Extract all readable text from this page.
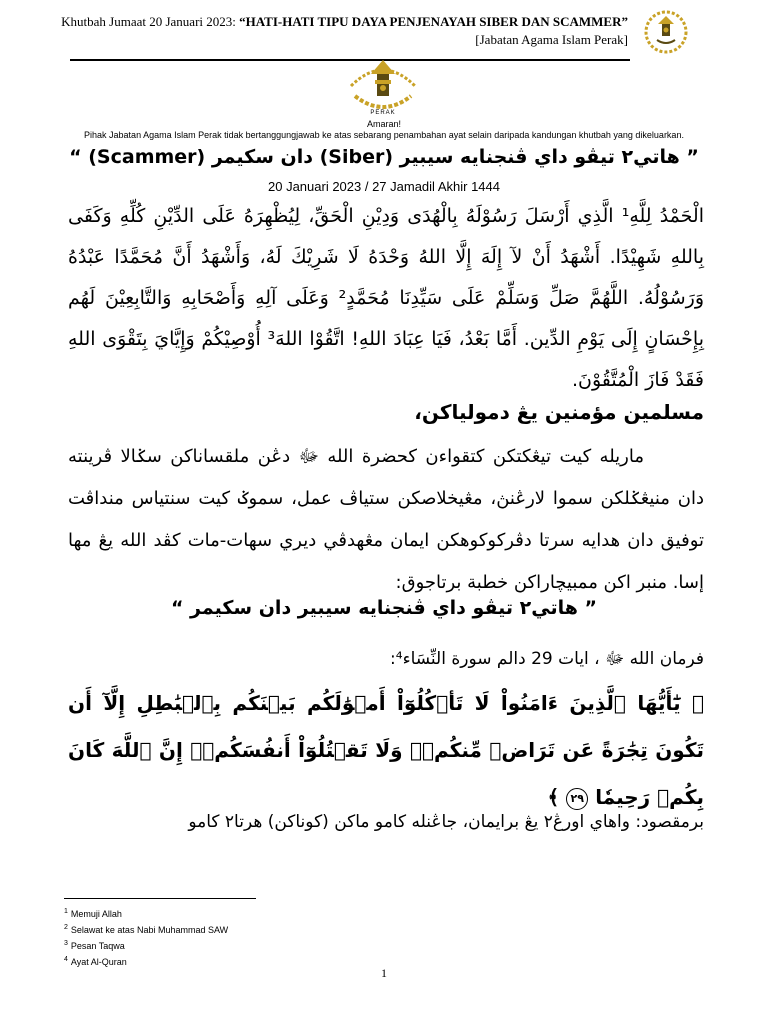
Khutbah Jumaat 20 Januari 2023: “HATI-HATI TIPU DAYA PENJENAYAH SIBER DAN SCAMMER”
[Jabatan Agama Islam Perak]
PERAK
Amaran!
Pihak Jabatan Agama Islam Perak tidak bertanggungjawab ke atas sebarang penambahan ayat selain daripada kandungan khutbah yang dikeluarkan.
” هاتي٢ تيڤو داي ڤنجنايه سيبير (Siber) دان سکيمر (Scammer) “
20 Januari 2023 / 27 Jamadil Akhir 1444
الْحَمْدُ لِلَّهِ¹ الَّذِي أَرْسَلَ رَسُوْلَهُ بِالْهُدَى وَدِيْنِ الْحَقِّ، لِيُظْهِرَهُ عَلَى الدِّيْنِ كُلِّهِ وَكَفَى بِاللهِ شَهِيْدًا. أَشْهَدُ أَنْ لآ إِلَهَ إِلَّا اللهُ وَحْدَهُ لَا شَرِيْكَ لَهُ، وَأَشْهَدُ أَنَّ مُحَمَّدًا عَبْدُهُ وَرَسُوْلُهُ. اللَّهُمَّ صَلِّ وَسَلِّمْ عَلَى سَيِّدِنَا مُحَمَّدٍ² وَعَلَى آلِهِ وَأَصْحَابِهِ وَالتَّابِعِيْنَ لَهُم بِإِحْسَانٍ إِلَى يَوْمِ الدِّين. أَمَّا بَعْدُ، فَيَا عِبَادَ اللهِ! اتَّقُوْا اللهَ³ أُوْصِيْكُمْ وَإِيَّايَ بِتَقْوَى اللهِ فَقَدْ فَازَ الْمُتَّقُوْنَ.
مسلمين مؤمنين يڠ دمولياکن،
ماريله کيت تيڠکتکن کتقواءن کحضرة الله ﷻ دڠن ملقساناکن سݢالا ڤرينته دان منيڠݢلکن سموا لارڠنڽ، مڠيخلاصکن ستياڤ عمل، سموݢ کيت سنتياس منداڤت توفيق دان هدايه سرتا دڤرکوکوهکن ايمان مڠهدڤي ديري سهات-مات کڤد الله يڠ مها إسا. منبر اکن ممبيچاراکن خطبة برتاجوق:
” هاتي٢ تيڤو داي ڤنجنايه سيبير دان سکيمر “
فرمان الله ﷻ ، ايات 29 دالم سورة النِّسَاء⁴:
﴿ يَٰٓأَيُّهَا ٱلَّذِينَ ءَامَنُواْ لَا تَأۡكُلُوٓاْ أَمۡوَٰلَكُم بَيۡنَكُم بِٱلۡبَٰطِلِ إِلَّآ أَن تَكُونَ تِجَٰرَةً عَن تَرَاضٖ مِّنكُمۡۚ وَلَا تَقۡتُلُوٓاْ أَنفُسَكُمۡۚ إِنَّ ٱللَّهَ كَانَ بِكُمۡ رَحِيمٗا ٢٩ ﴾
برمقصود: واهاي اورڠ٢ يڠ برايمان، جاڠنله کامو ماکن (کوناکن) هرتا٢ کامو
$^1$ Memuji Allah
$^2$ Selawat ke atas Nabi Muhammad SAW
$^3$ Pesan Taqwa
$^4$ Ayat Al-Quran
1
